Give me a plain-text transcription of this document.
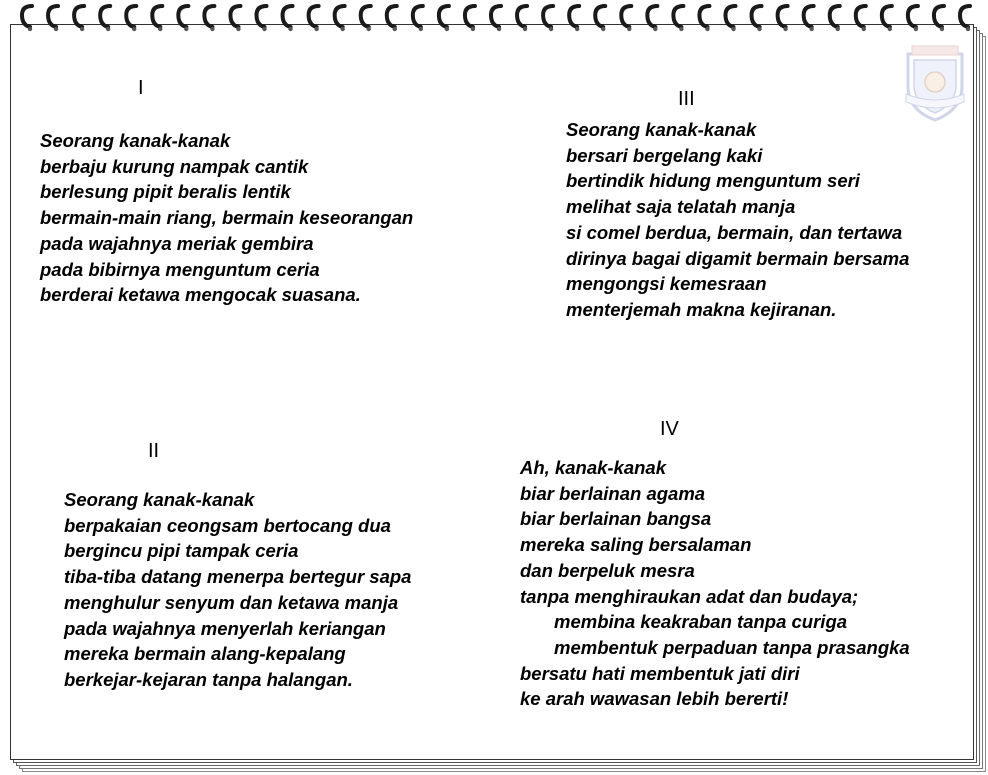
I
Seorang kanak-kanak
berbaju kurung nampak cantik
berlesung pipit beralis lentik
bermain-main riang, bermain keseorangan
pada wajahnya meriak gembira
pada bibirnya menguntum ceria
berderai ketawa mengocak suasana.
II
Seorang kanak-kanak
berpakaian ceongsam bertocang dua
bergincu pipi tampak ceria
tiba-tiba datang menerpa bertegur sapa
menghulur senyum dan ketawa manja
pada wajahnya menyerlah keriangan
mereka bermain alang-kepalang
berkejar-kejaran tanpa halangan.
III
Seorang kanak-kanak
bersari bergelang kaki
bertindik hidung menguntum seri
melihat saja telatah manja
si comel berdua, bermain, dan tertawa
dirinya bagai digamit bermain bersama
mengongsi kemesraan
menterjemah makna kejiranan.
IV
Ah, kanak-kanak
biar berlainan agama
biar berlainan bangsa
mereka saling bersalaman
dan berpeluk mesra
tanpa menghiraukan adat dan budaya;
membina keakraban tanpa curiga
membentuk perpaduan tanpa prasangka
bersatu hati membentuk jati diri
ke arah wawasan lebih bererti!
